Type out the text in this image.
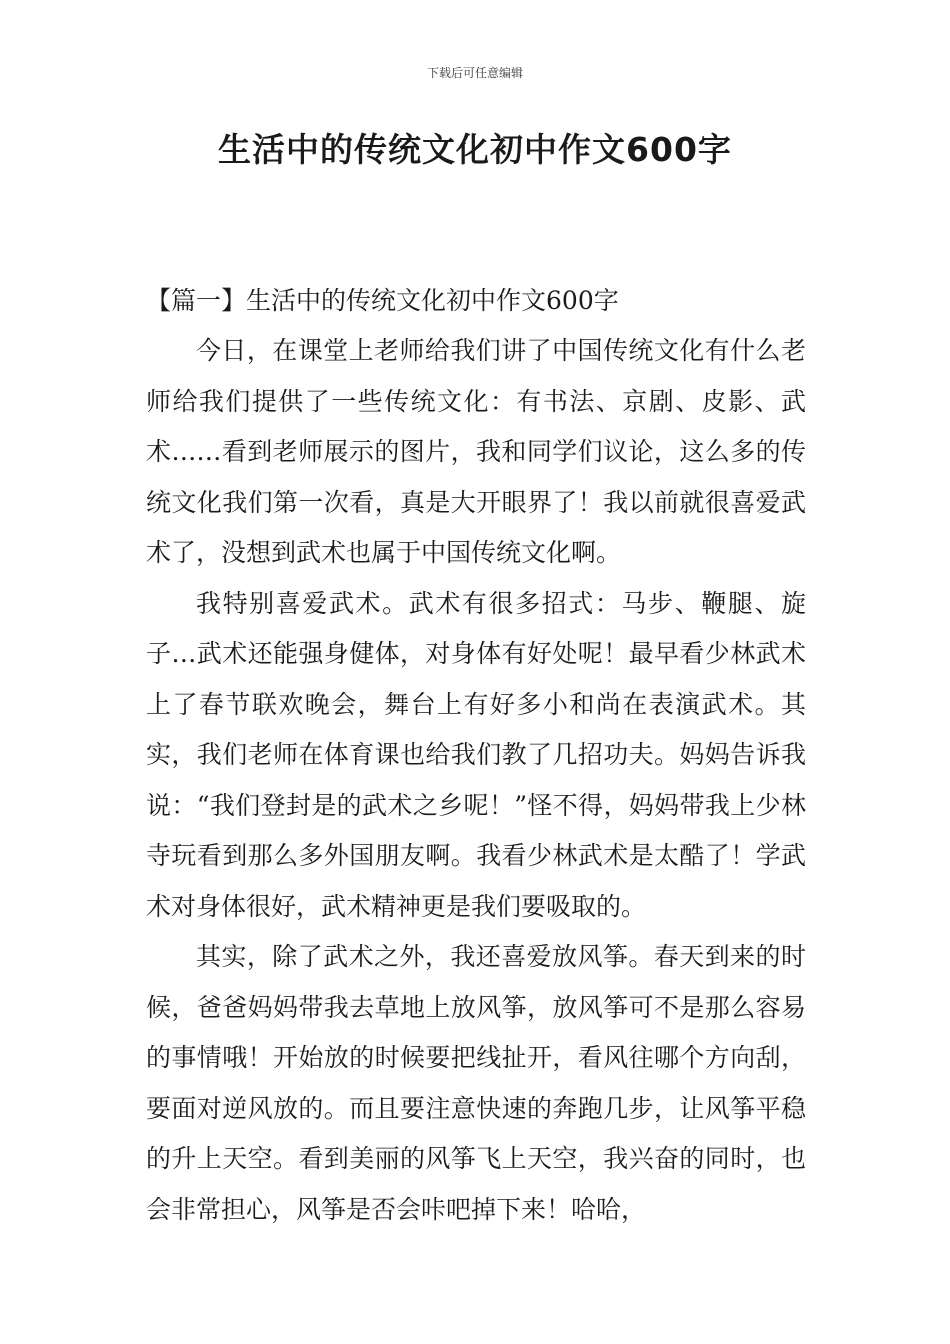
下载后可任意编辑
生活中的传统文化初中作文600字

【篇一】生活中的传统文化初中作文600字

今日，在课堂上老师给我们讲了中国传统文化有什么老师给我们提供了一些传统文化：有书法、京剧、皮影、武术……看到老师展示的图片，我和同学们议论，这么多的传统文化我们第一次看，真是大开眼界了！我以前就很喜爱武术了，没想到武术也属于中国传统文化啊。

我特别喜爱武术。武术有很多招式：马步、鞭腿、旋子…武术还能强身健体，对身体有好处呢！最早看少林武术上了春节联欢晚会，舞台上有好多小和尚在表演武术。其实，我们老师在体育课也给我们教了几招功夫。妈妈告诉我说：“我们登封是的武术之乡呢！”怪不得，妈妈带我上少林寺玩看到那么多外国朋友啊。我看少林武术是太酷了！学武术对身体很好，武术精神更是我们要吸取的。

其实，除了武术之外，我还喜爱放风筝。春天到来的时候，爸爸妈妈带我去草地上放风筝，放风筝可不是那么容易的事情哦！开始放的时候要把线扯开，看风往哪个方向刮，要面对逆风放的。而且要注意快速的奔跑几步，让风筝平稳的升上天空。看到美丽的风筝飞上天空，我兴奋的同时，也会非常担心，风筝是否会咔吧掉下来！哈哈，
